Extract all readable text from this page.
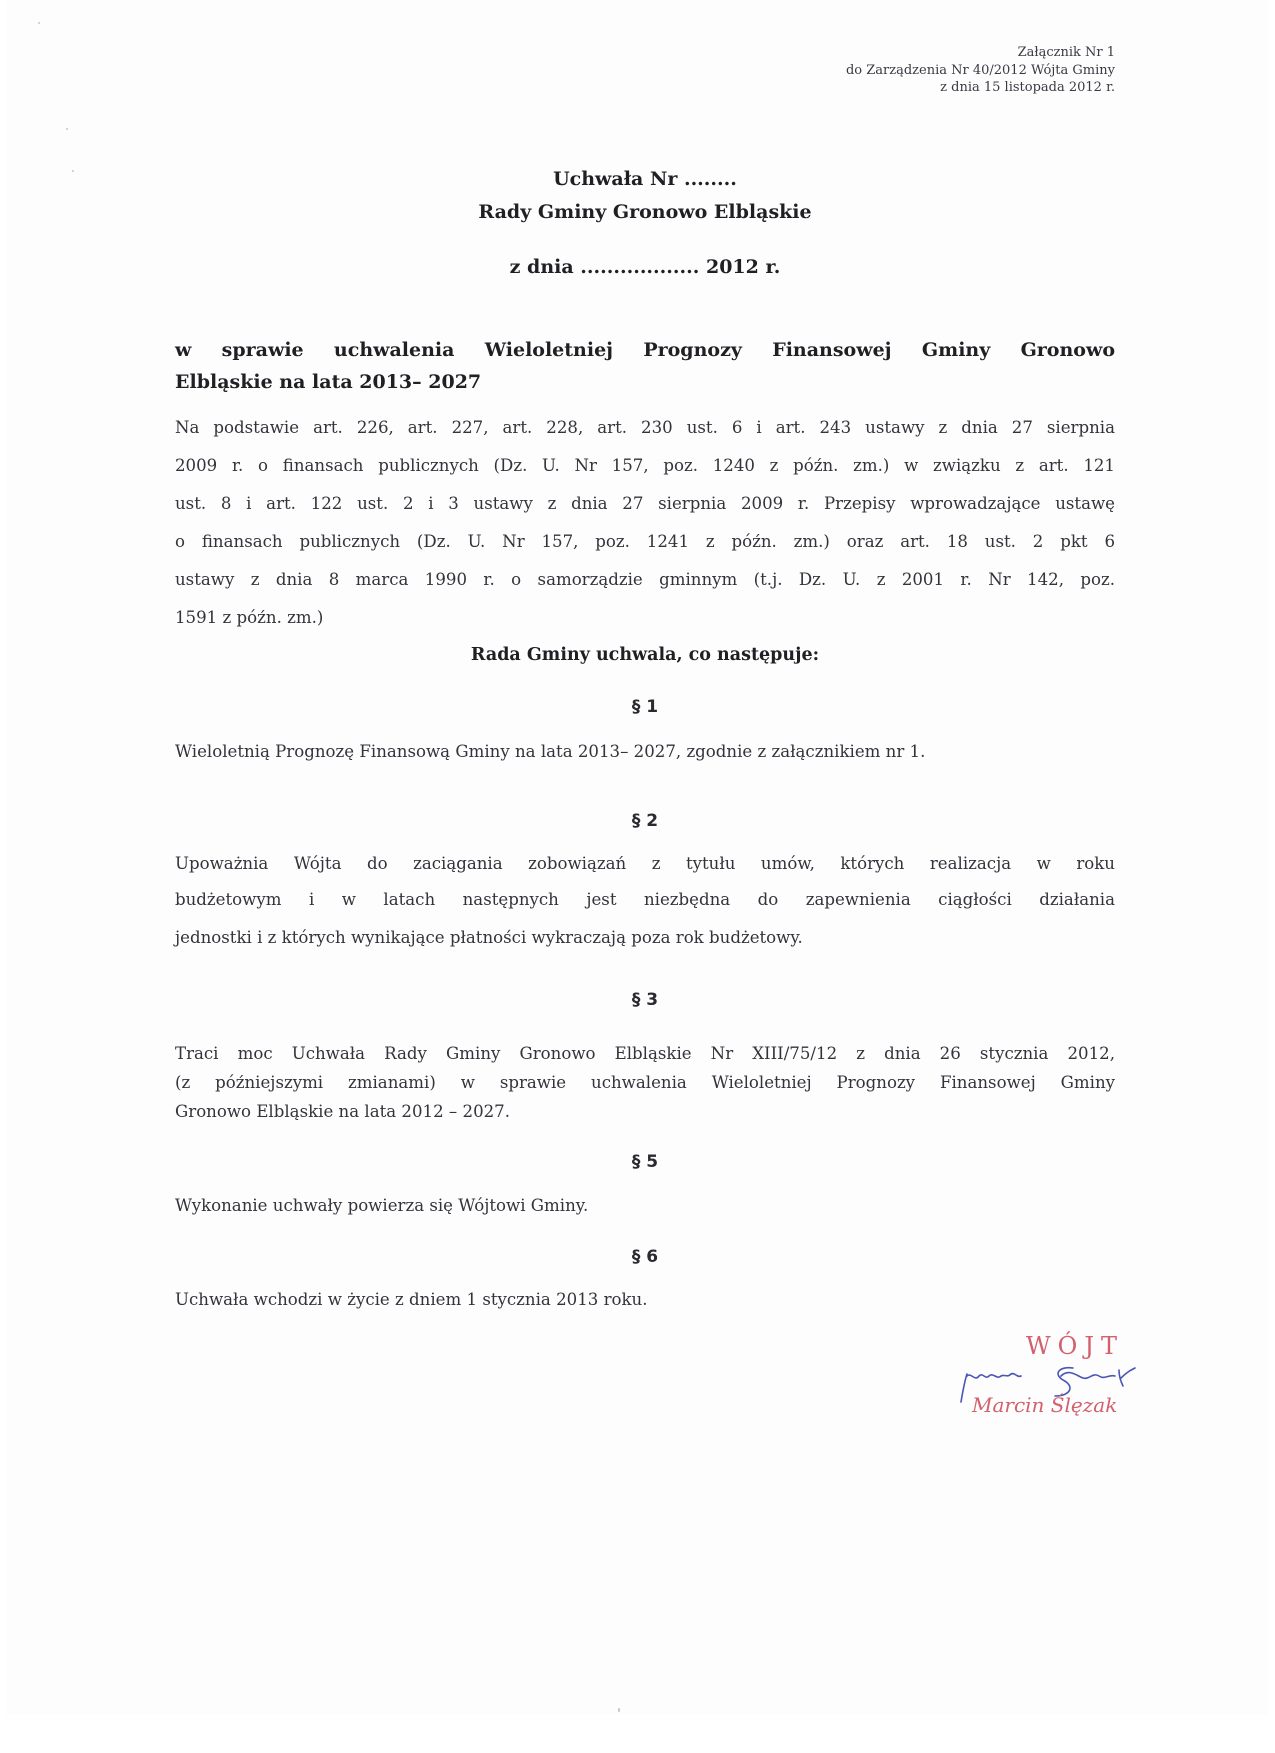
Załącznik Nr 1
do Zarządzenia Nr 40/2012 Wójta Gminy
z dnia 15 listopada 2012 r.
Uchwała Nr ........
Rady Gminy Gronowo Elbląskie
z dnia .................. 2012 r.
w sprawie uchwalenia Wieloletniej Prognozy Finansowej Gminy Gronowo
Elbląskie na lata 2013– 2027
Na podstawie art. 226, art. 227, art. 228, art. 230 ust. 6 i art. 243 ustawy z dnia 27 sierpnia
2009 r. o finansach publicznych (Dz. U. Nr 157, poz. 1240 z późn. zm.) w związku z art. 121
ust. 8 i art. 122 ust. 2 i 3 ustawy z dnia 27 sierpnia 2009 r. Przepisy wprowadzające ustawę
o finansach publicznych (Dz. U. Nr 157, poz. 1241 z późn. zm.) oraz art. 18 ust. 2 pkt 6
ustawy z dnia 8 marca 1990 r. o samorządzie gminnym (t.j. Dz. U. z 2001 r. Nr 142, poz.
1591 z późn. zm.)
Rada Gminy uchwala, co następuje:
§ 1
Wieloletnią Prognozę Finansową Gminy na lata 2013– 2027, zgodnie z załącznikiem nr 1.
§ 2
Upoważnia Wójta do zaciągania zobowiązań z tytułu umów, których realizacja w roku
budżetowym i w latach następnych jest niezbędna do zapewnienia ciągłości działania
jednostki i z których wynikające płatności wykraczają poza rok budżetowy.
§ 3
Traci moc Uchwała Rady Gminy Gronowo Elbląskie Nr XIII/75/12 z dnia 26 stycznia 2012,
(z późniejszymi zmianami) w sprawie uchwalenia Wieloletniej Prognozy Finansowej Gminy
Gronowo Elbląskie na lata 2012 – 2027.
§ 5
Wykonanie uchwały powierza się Wójtowi Gminy.
§ 6
Uchwała wchodzi w życie z dniem 1 stycznia 2013 roku.
WÓJT
Marcin Ślęzak
